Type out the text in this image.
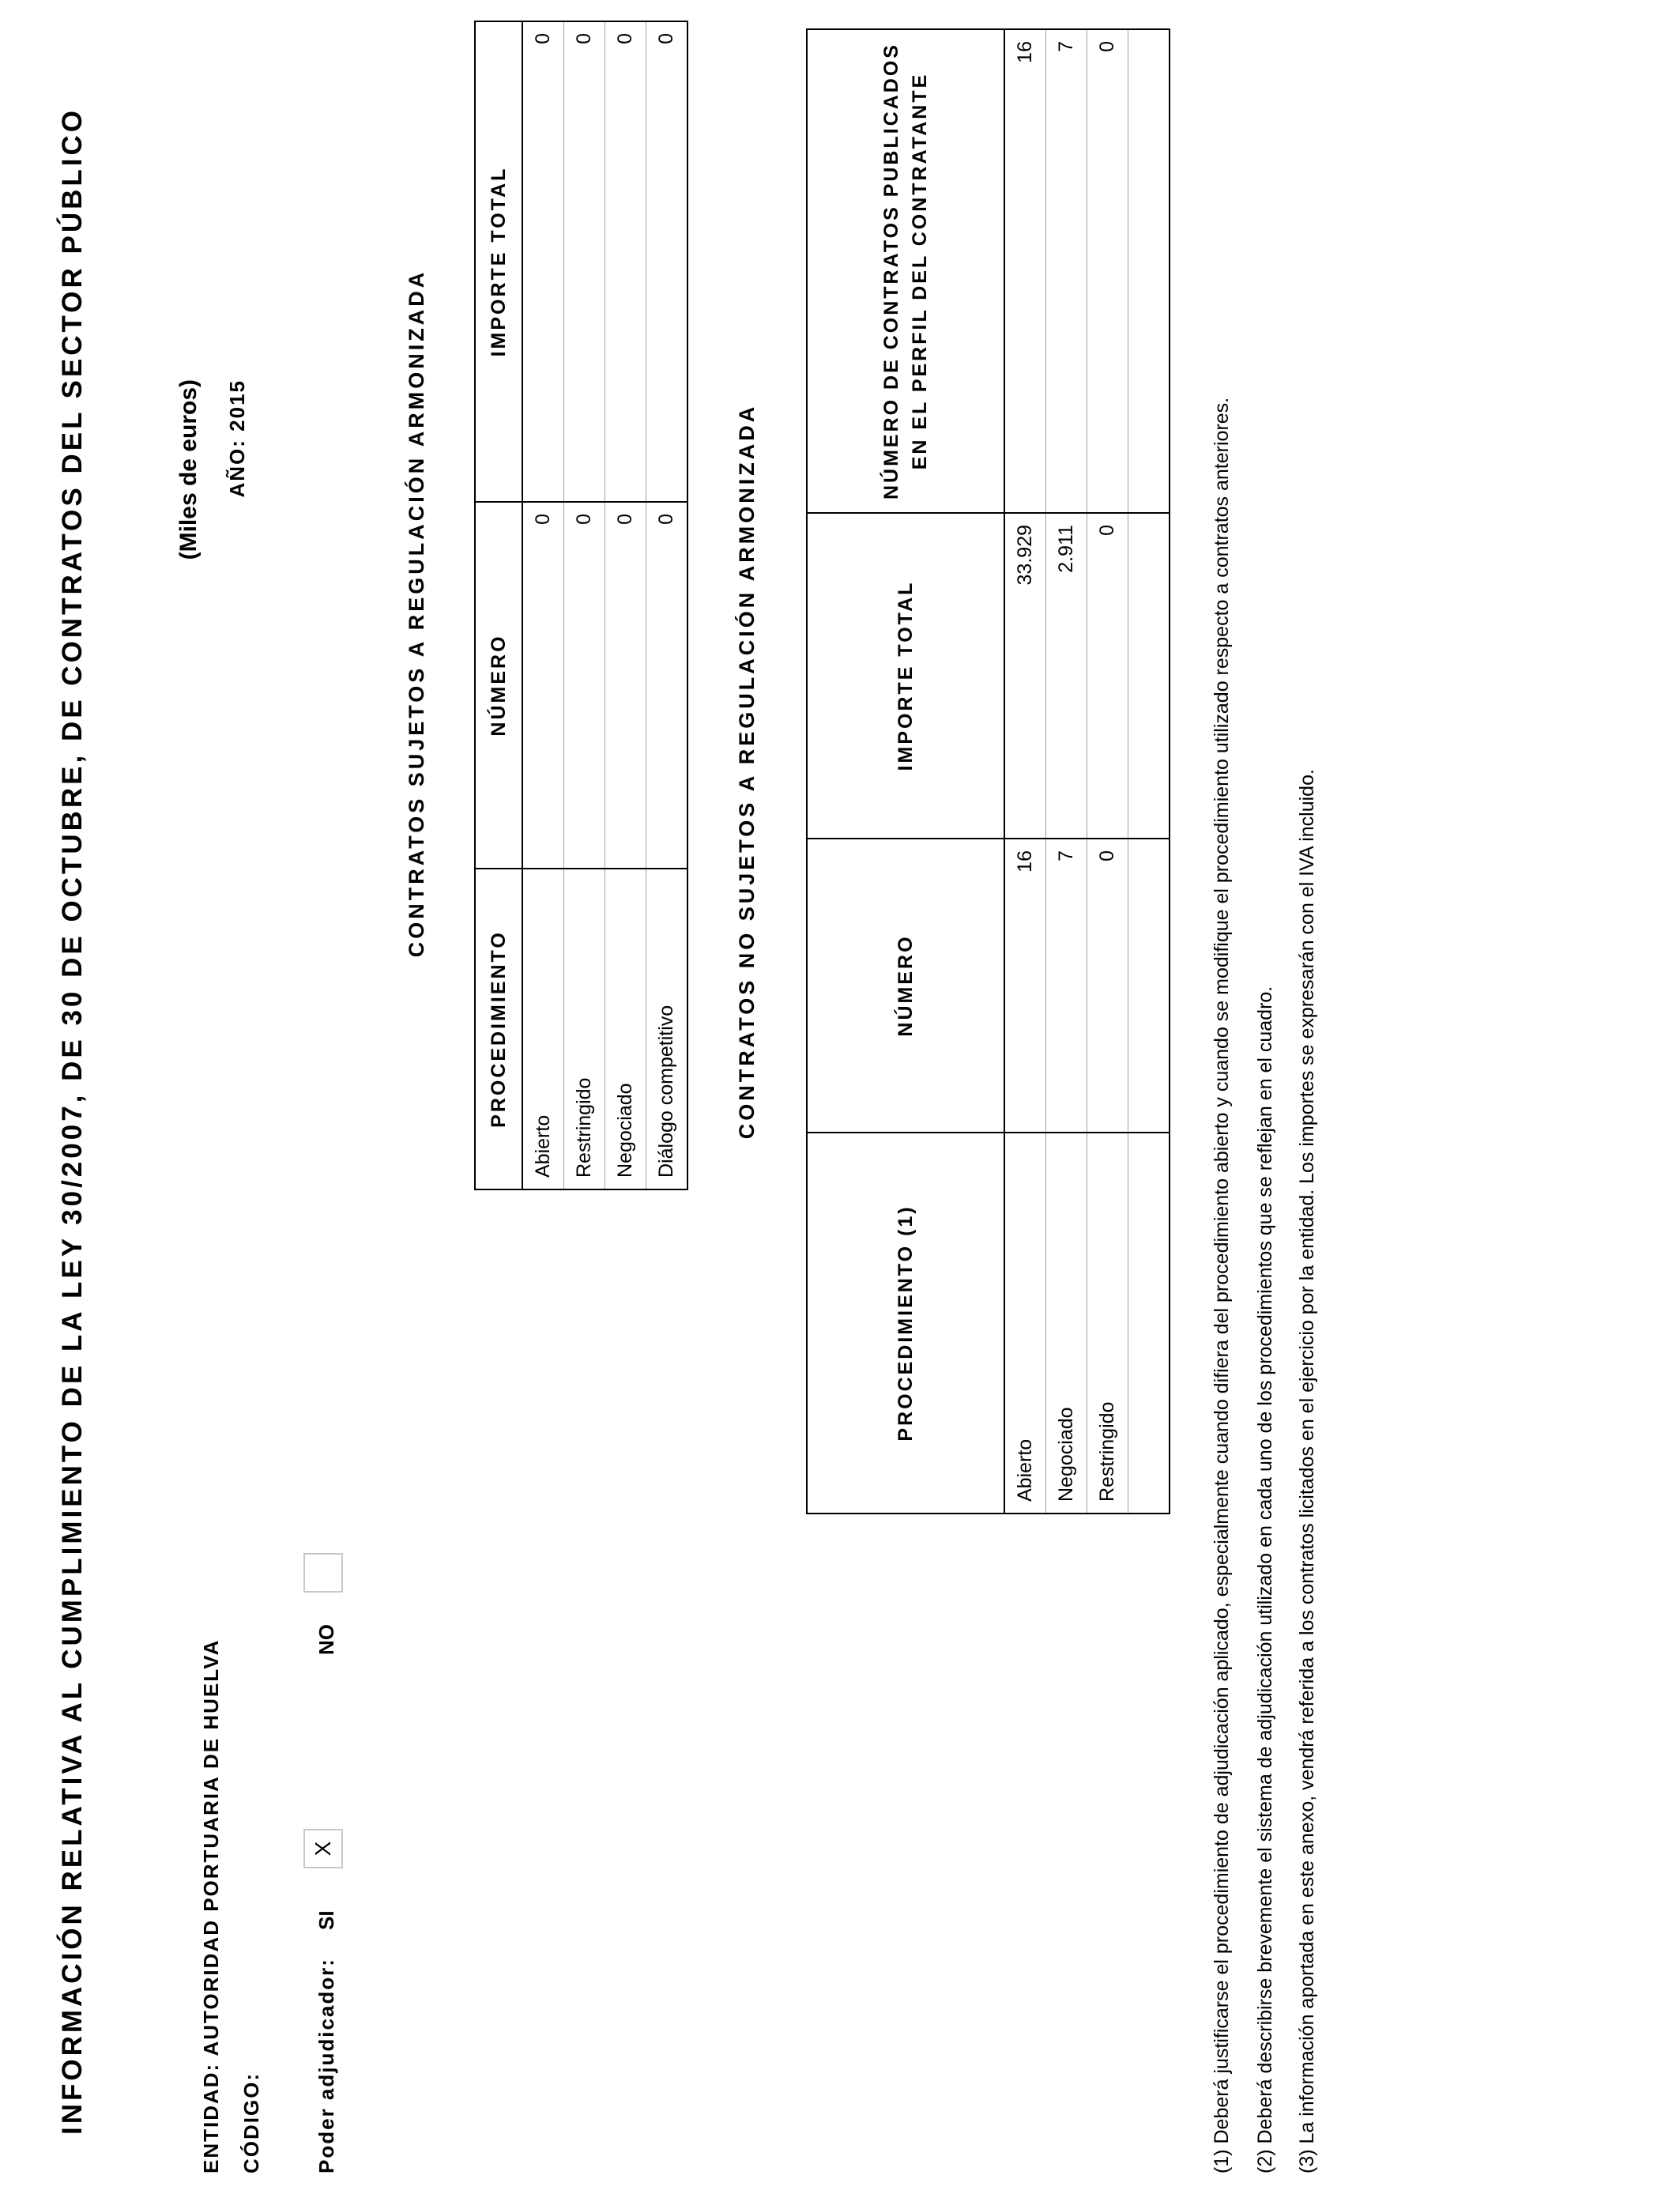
INFORMACIÓN RELATIVA AL CUMPLIMIENTO DE LA LEY 30/2007, DE 30 DE OCTUBRE, DE CONTRATOS DEL SECTOR PÚBLICO	(Miles de euros) AÑO: 2015
ENTIDAD: AUTORIDAD PORTUARIA DE HUELVA CÓDIGO:	Poder adjudicador:
SI
X
NO
CONTRATOS SUJETOS A REGULACIÓN ARMONIZADA
PROCEDIMIENTO	NÚMERO	IMPORTE TOTAL
Abierto	0	0
Restringido	0	0
Negociado	0	0
Diálogo competitivo	0	0
CONTRATOS NO SUJETOS A REGULACIÓN ARMONIZADA
PROCEDIMIENTO (1)	NÚMERO	IMPORTE TOTAL	NÚMERO DE CONTRATOS PUBLICADOS EN EL PERFIL DEL CONTRATANTE
Abierto	16	33.929	16
Negociado	7	2.911	7
Restringido	0	0	0

(1) Deberá justificarse el procedimiento de adjudicación aplicado, especialmente cuando difiera del procedimiento abierto y cuando se modifique el procedimiento utilizado respecto a contratos anteriores. (2) Deberá describirse brevemente el sistema de adjudicación utilizado en cada uno de los procedimientos que se reflejan en el cuadro. (3) La información aportada en este anexo, vendrá referida a los contratos licitados en el ejercicio por la entidad. Los importes se expresarán con el IVA incluido.
